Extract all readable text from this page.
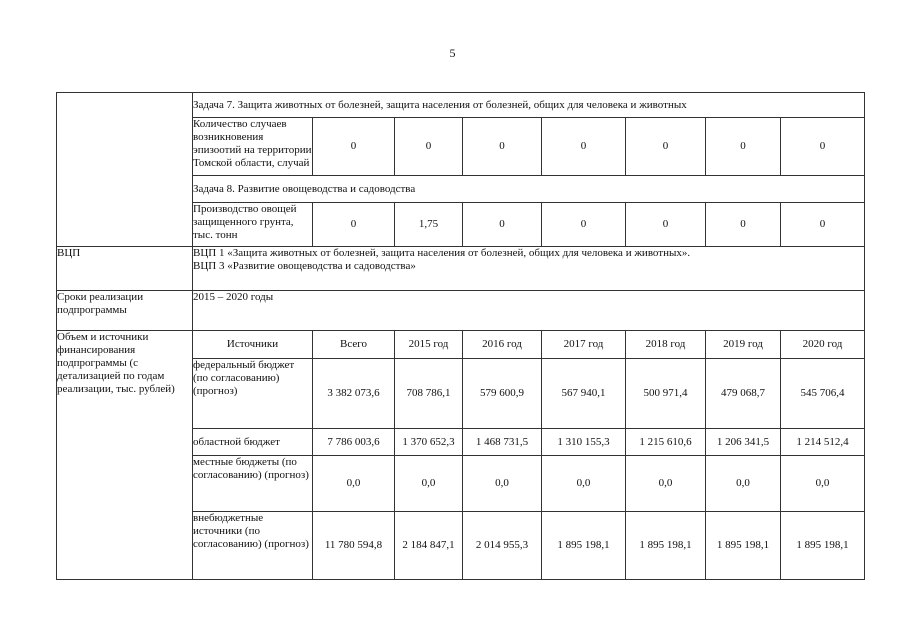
5
	Задача 7. Защита животных от болезней, защита населения от болезней, общих для человека и животных							
	Количество случаев возникновения эпизоотий на территории Томской области, случай	0	0	0	0	0	0	0
	Задача 8. Развитие овощеводства и садоводства							
	Производство овощей защищенного грунта, тыс. тонн	0	1,75	0	0	0	0	0
ВЦП	ВЦП 1 «Защита животных от болезней, защита населения от болезней, общих для человека и животных».
ВЦП 3 «Развитие овощеводства и садоводства»							

Сроки реализации подпрограммы	2015 – 2020 годы							
Объем и источники финансирования подпрограммы (с детализацией по годам реализации, тыс. рублей)	Источники	Всего	2015 год	2016 год	2017 год	2018 год	2019 год	2020 год
	федеральный бюджет (по согласованию) (прогноз)	3 382 073,6	708 786,1	579 600,9	567 940,1	500 971,4	479 068,7	545 706,4
	областной бюджет	7 786 003,6	1 370 652,3	1 468 731,5	1 310 155,3	1 215 610,6	1 206 341,5	1 214 512,4
	местные бюджеты (по согласованию) (прогноз)	0,0	0,0	0,0	0,0	0,0	0,0	0,0
	внебюджетные источники (по согласованию) (прогноз)	11 780 594,8	2 184 847,1	2 014 955,3	1 895 198,1	1 895 198,1	1 895 198,1	1 895 198,1
